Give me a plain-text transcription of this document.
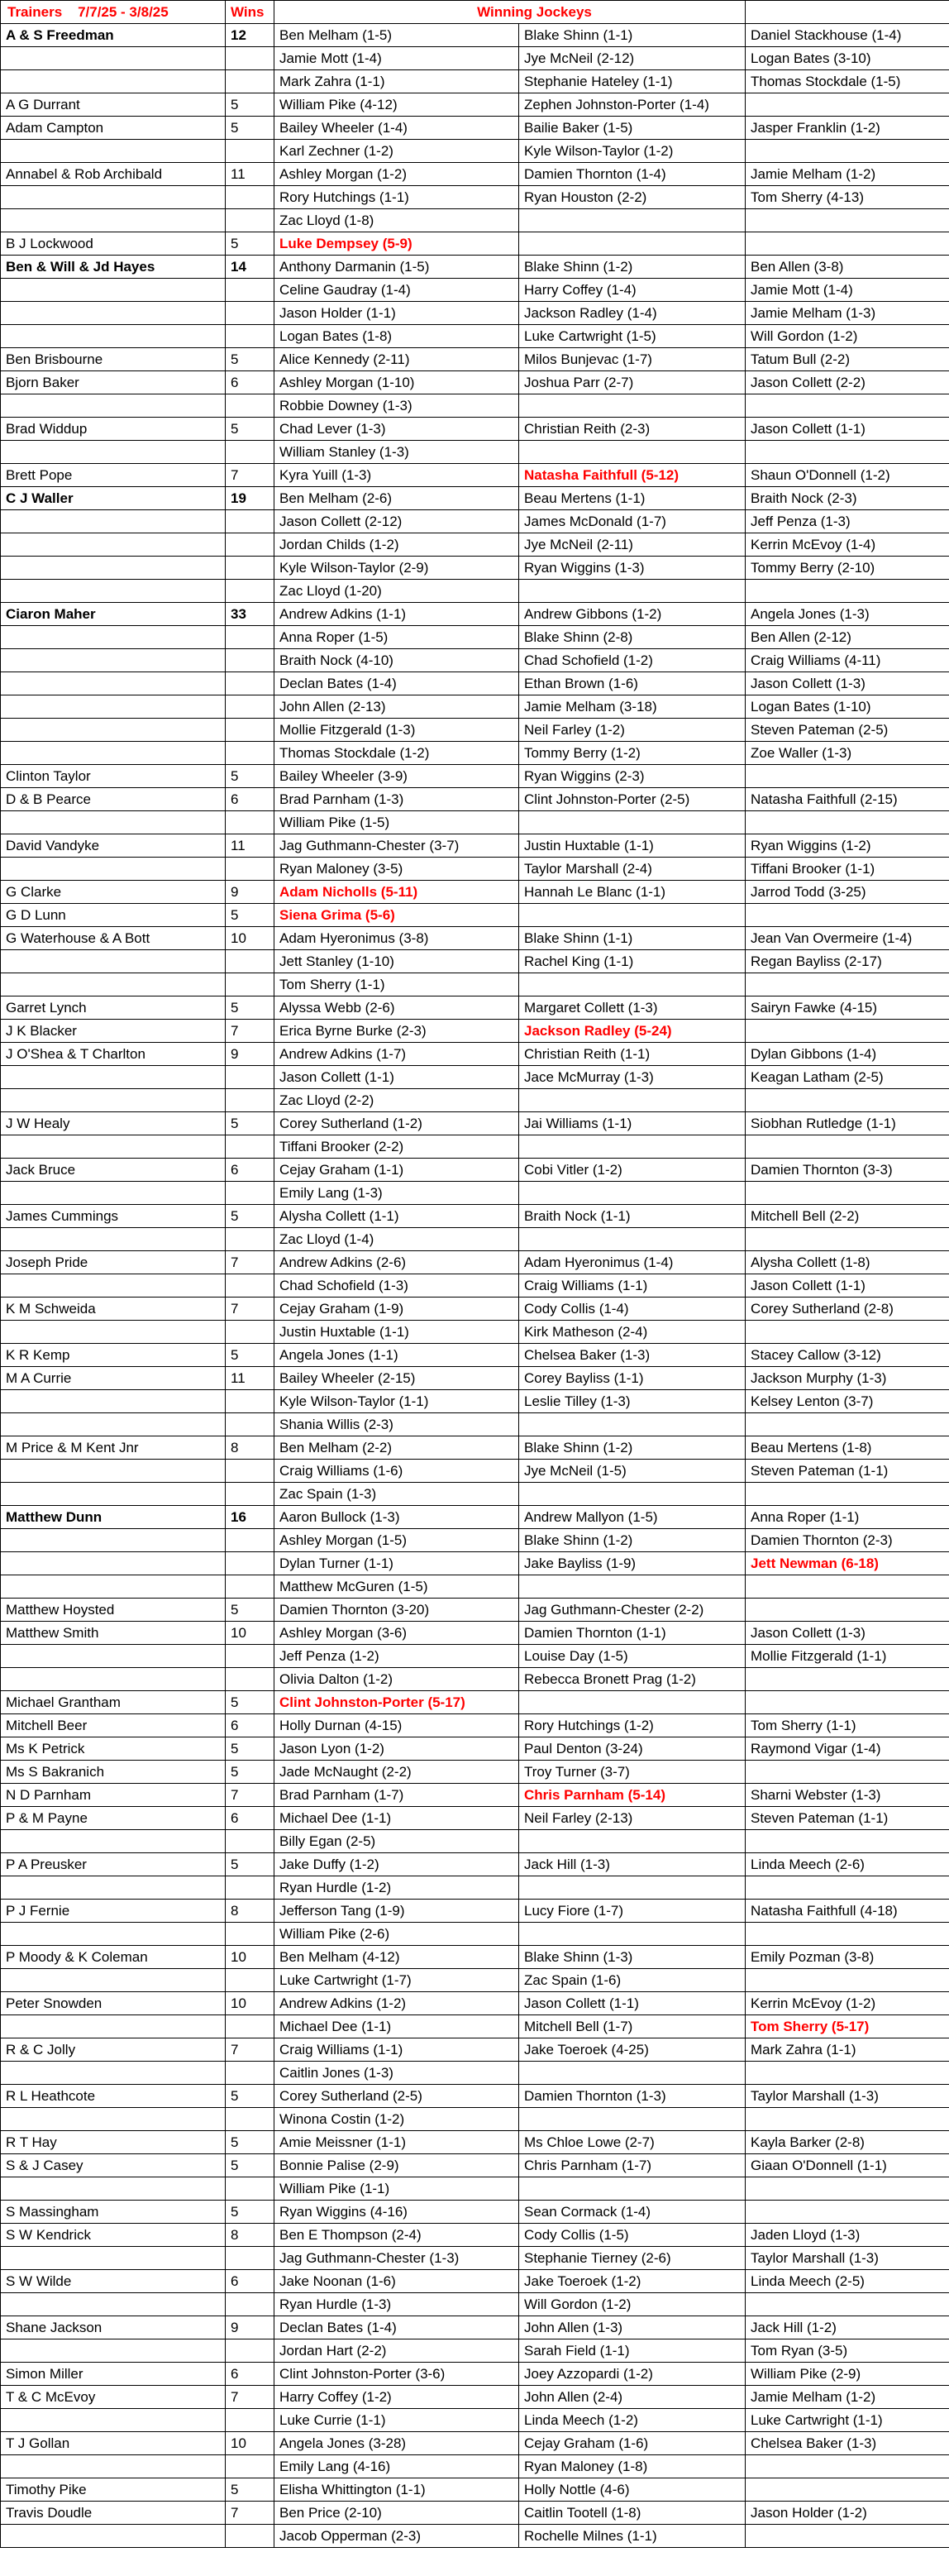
Trainers 7/7/25 - 3/8/25	Wins	Winning Jockeys		
A & S Freedman	12	Ben Melham (1-5)	Blake Shinn (1-1)	Daniel Stackhouse (1-4)
		Jamie Mott (1-4)	Jye McNeil (2-12)	Logan Bates (3-10)
		Mark Zahra (1-1)	Stephanie Hateley (1-1)	Thomas Stockdale (1-5)
A G Durrant	5	William Pike (4-12)	Zephen Johnston-Porter (1-4)	
Adam Campton	5	Bailey Wheeler (1-4)	Bailie Baker (1-5)	Jasper Franklin (1-2)
		Karl Zechner (1-2)	Kyle Wilson-Taylor (1-2)	
Annabel & Rob Archibald	11	Ashley Morgan (1-2)	Damien Thornton (1-4)	Jamie Melham (1-2)
		Rory Hutchings (1-1)	Ryan Houston (2-2)	Tom Sherry (4-13)
		Zac Lloyd (1-8)		
B J Lockwood	5	Luke Dempsey (5-9)		
Ben & Will & Jd Hayes	14	Anthony Darmanin (1-5)	Blake Shinn (1-2)	Ben Allen (3-8)
		Celine Gaudray (1-4)	Harry Coffey (1-4)	Jamie Mott (1-4)
		Jason Holder (1-1)	Jackson Radley (1-4)	Jamie Melham (1-3)
		Logan Bates (1-8)	Luke Cartwright (1-5)	Will Gordon (1-2)
Ben Brisbourne	5	Alice Kennedy (2-11)	Milos Bunjevac (1-7)	Tatum Bull (2-2)
Bjorn Baker	6	Ashley Morgan (1-10)	Joshua Parr (2-7)	Jason Collett (2-2)
		Robbie Downey (1-3)		
Brad Widdup	5	Chad Lever (1-3)	Christian Reith (2-3)	Jason Collett (1-1)
		William Stanley (1-3)		
Brett Pope	7	Kyra Yuill (1-3)	Natasha Faithfull (5-12)	Shaun O'Donnell (1-2)
C J Waller	19	Ben Melham (2-6)	Beau Mertens (1-1)	Braith Nock (2-3)
		Jason Collett (2-12)	James McDonald (1-7)	Jeff Penza (1-3)
		Jordan Childs (1-2)	Jye McNeil (2-11)	Kerrin McEvoy (1-4)
		Kyle Wilson-Taylor (2-9)	Ryan Wiggins (1-3)	Tommy Berry (2-10)
		Zac Lloyd (1-20)		
Ciaron Maher	33	Andrew Adkins (1-1)	Andrew Gibbons (1-2)	Angela Jones (1-3)
		Anna Roper (1-5)	Blake Shinn (2-8)	Ben Allen (2-12)
		Braith Nock (4-10)	Chad Schofield (1-2)	Craig Williams (4-11)
		Declan Bates (1-4)	Ethan Brown (1-6)	Jason Collett (1-3)
		John Allen (2-13)	Jamie Melham (3-18)	Logan Bates (1-10)
		Mollie Fitzgerald (1-3)	Neil Farley (1-2)	Steven Pateman (2-5)
		Thomas Stockdale (1-2)	Tommy Berry (1-2)	Zoe Waller (1-3)
Clinton Taylor	5	Bailey Wheeler (3-9)	Ryan Wiggins (2-3)	
D & B Pearce	6	Brad Parnham (1-3)	Clint Johnston-Porter (2-5)	Natasha Faithfull (2-15)
		William Pike (1-5)		
David Vandyke	11	Jag Guthmann-Chester (3-7)	Justin Huxtable (1-1)	Ryan Wiggins (1-2)
		Ryan Maloney (3-5)	Taylor Marshall (2-4)	Tiffani Brooker (1-1)
G Clarke	9	Adam Nicholls (5-11)	Hannah Le Blanc (1-1)	Jarrod Todd (3-25)
G D Lunn	5	Siena Grima (5-6)		
G Waterhouse & A Bott	10	Adam Hyeronimus (3-8)	Blake Shinn (1-1)	Jean Van Overmeire (1-4)
		Jett Stanley (1-10)	Rachel King (1-1)	Regan Bayliss (2-17)
		Tom Sherry (1-1)		
Garret Lynch	5	Alyssa Webb (2-6)	Margaret Collett (1-3)	Sairyn Fawke (4-15)
J K Blacker	7	Erica Byrne Burke (2-3)	Jackson Radley (5-24)	
J O'Shea & T Charlton	9	Andrew Adkins (1-7)	Christian Reith (1-1)	Dylan Gibbons (1-4)
		Jason Collett (1-1)	Jace McMurray (1-3)	Keagan Latham (2-5)
		Zac Lloyd (2-2)		
J W Healy	5	Corey Sutherland (1-2)	Jai Williams (1-1)	Siobhan Rutledge (1-1)
		Tiffani Brooker (2-2)		
Jack Bruce	6	Cejay Graham (1-1)	Cobi Vitler (1-2)	Damien Thornton (3-3)
		Emily Lang (1-3)		
James Cummings	5	Alysha Collett (1-1)	Braith Nock (1-1)	Mitchell Bell (2-2)
		Zac Lloyd (1-4)		
Joseph Pride	7	Andrew Adkins (2-6)	Adam Hyeronimus (1-4)	Alysha Collett (1-8)
		Chad Schofield (1-3)	Craig Williams (1-1)	Jason Collett (1-1)
K M Schweida	7	Cejay Graham (1-9)	Cody Collis (1-4)	Corey Sutherland (2-8)
		Justin Huxtable (1-1)	Kirk Matheson (2-4)	
K R Kemp	5	Angela Jones (1-1)	Chelsea Baker (1-3)	Stacey Callow (3-12)
M A Currie	11	Bailey Wheeler (2-15)	Corey Bayliss (1-1)	Jackson Murphy (1-3)
		Kyle Wilson-Taylor (1-1)	Leslie Tilley (1-3)	Kelsey Lenton (3-7)
		Shania Willis (2-3)		
M Price & M Kent Jnr	8	Ben Melham (2-2)	Blake Shinn (1-2)	Beau Mertens (1-8)
		Craig Williams (1-6)	Jye McNeil (1-5)	Steven Pateman (1-1)
		Zac Spain (1-3)		
Matthew Dunn	16	Aaron Bullock (1-3)	Andrew Mallyon (1-5)	Anna Roper (1-1)
		Ashley Morgan (1-5)	Blake Shinn (1-2)	Damien Thornton (2-3)
		Dylan Turner (1-1)	Jake Bayliss (1-9)	Jett Newman (6-18)
		Matthew McGuren (1-5)		
Matthew Hoysted	5	Damien Thornton (3-20)	Jag Guthmann-Chester (2-2)	
Matthew Smith	10	Ashley Morgan (3-6)	Damien Thornton (1-1)	Jason Collett (1-3)
		Jeff Penza (1-2)	Louise Day (1-5)	Mollie Fitzgerald (1-1)
		Olivia Dalton (1-2)	Rebecca Bronett Prag (1-2)	
Michael Grantham	5	Clint Johnston-Porter (5-17)		
Mitchell Beer	6	Holly Durnan (4-15)	Rory Hutchings (1-2)	Tom Sherry (1-1)
Ms K Petrick	5	Jason Lyon (1-2)	Paul Denton (3-24)	Raymond Vigar (1-4)
Ms S Bakranich	5	Jade McNaught (2-2)	Troy Turner (3-7)	
N D Parnham	7	Brad Parnham (1-7)	Chris Parnham (5-14)	Sharni Webster (1-3)
P & M Payne	6	Michael Dee (1-1)	Neil Farley (2-13)	Steven Pateman (1-1)
		Billy Egan (2-5)		
P A Preusker	5	Jake Duffy (1-2)	Jack Hill (1-3)	Linda Meech (2-6)
		Ryan Hurdle (1-2)		
P J Fernie	8	Jefferson Tang (1-9)	Lucy Fiore (1-7)	Natasha Faithfull (4-18)
		William Pike (2-6)		
P Moody & K Coleman	10	Ben Melham (4-12)	Blake Shinn (1-3)	Emily Pozman (3-8)
		Luke Cartwright (1-7)	Zac Spain (1-6)	
Peter Snowden	10	Andrew Adkins (1-2)	Jason Collett (1-1)	Kerrin McEvoy (1-2)
		Michael Dee (1-1)	Mitchell Bell (1-7)	Tom Sherry (5-17)
R & C Jolly	7	Craig Williams (1-1)	Jake Toeroek (4-25)	Mark Zahra (1-1)
		Caitlin Jones (1-3)		
R L Heathcote	5	Corey Sutherland (2-5)	Damien Thornton (1-3)	Taylor Marshall (1-3)
		Winona Costin (1-2)		
R T Hay	5	Amie Meissner (1-1)	Ms Chloe Lowe (2-7)	Kayla Barker (2-8)
S & J Casey	5	Bonnie Palise (2-9)	Chris Parnham (1-7)	Giaan O'Donnell (1-1)
		William Pike (1-1)		
S Massingham	5	Ryan Wiggins (4-16)	Sean Cormack (1-4)	
S W Kendrick	8	Ben E Thompson (2-4)	Cody Collis (1-5)	Jaden Lloyd (1-3)
		Jag Guthmann-Chester (1-3)	Stephanie Tierney (2-6)	Taylor Marshall (1-3)
S W Wilde	6	Jake Noonan (1-6)	Jake Toeroek (1-2)	Linda Meech (2-5)
		Ryan Hurdle (1-3)	Will Gordon (1-2)	
Shane Jackson	9	Declan Bates (1-4)	John Allen (1-3)	Jack Hill (1-2)
		Jordan Hart (2-2)	Sarah Field (1-1)	Tom Ryan (3-5)
Simon Miller	6	Clint Johnston-Porter (3-6)	Joey Azzopardi (1-2)	William Pike (2-9)
T & C McEvoy	7	Harry Coffey (1-2)	John Allen (2-4)	Jamie Melham (1-2)
		Luke Currie (1-1)	Linda Meech (1-2)	Luke Cartwright (1-1)
T J Gollan	10	Angela Jones (3-28)	Cejay Graham (1-6)	Chelsea Baker (1-3)
		Emily Lang (4-16)	Ryan Maloney (1-8)	
Timothy Pike	5	Elisha Whittington (1-1)	Holly Nottle (4-6)	
Travis Doudle	7	Ben Price (2-10)	Caitlin Tootell (1-8)	Jason Holder (1-2)
		Jacob Opperman (2-3)	Rochelle Milnes (1-1)	
